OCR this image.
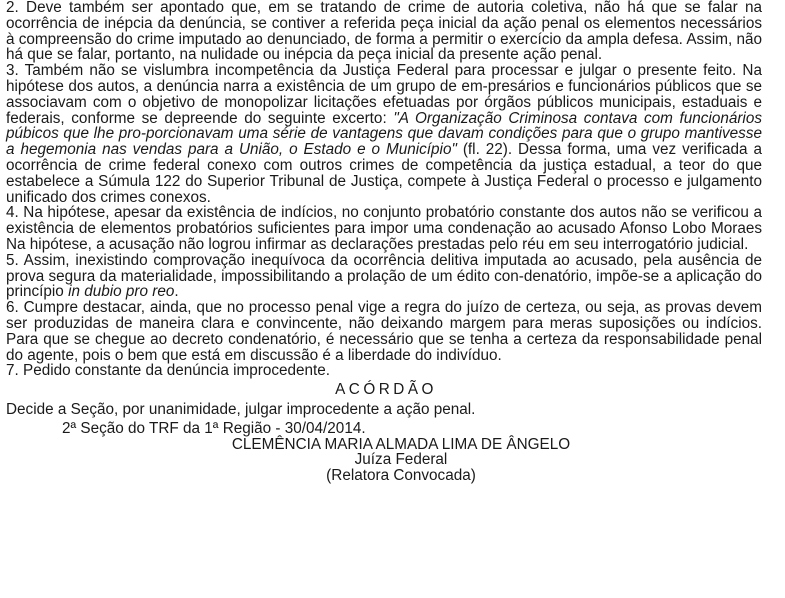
2. Deve também ser apontado que, em se tratando de crime de autoria coletiva, não há que se falar na ocorrência de inépcia da denúncia, se contiver a referida peça inicial da ação penal os elementos necessários à compreensão do crime imputado ao denunciado, de forma a permitir o exercício da ampla defesa. Assim, não há que se falar, portanto, na nulidade ou inépcia da peça inicial da presente ação penal.

3. Também não se vislumbra incompetência da Justiça Federal para processar e julgar o presente feito. Na hipótese dos autos, a denúncia narra a existência de um grupo de em-presários e funcionários públicos que se associavam com o objetivo de monopolizar licitações efetuadas por órgãos públicos municipais, estaduais e federais, conforme se depreende do seguinte excerto: "A Organização Criminosa contava com funcionários púbicos que lhe pro-porcionavam uma série de vantagens que davam condições para que o grupo mantivesse a hegemonia nas vendas para a União, o Estado e o Município" (fl. 22). Dessa forma, uma vez verificada a ocorrência de crime federal conexo com outros crimes de competência da justiça estadual, a teor do que estabelece a Súmula 122 do Superior Tribunal de Justiça, compete à Justiça Federal o processo e julgamento unificado dos crimes conexos.

4. Na hipótese, apesar da existência de indícios, no conjunto probatório constante dos autos não se verificou a existência de elementos probatórios suficientes para impor uma condenação ao acusado Afonso Lobo Moraes Na hipótese, a acusação não logrou infirmar as declarações prestadas pelo réu em seu interrogatório judicial.

5. Assim, inexistindo comprovação inequívoca da ocorrência delitiva imputada ao acusado, pela ausência de prova segura da materialidade, impossibilitando a prolação de um édito con-denatório, impõe-se a aplicação do princípio in dubio pro reo.

6. Cumpre destacar, ainda, que no processo penal vige a regra do juízo de certeza, ou seja, as provas devem ser produzidas de maneira clara e convincente, não deixando margem para meras suposições ou indícios. Para que se chegue ao decreto condenatório, é necessário que se tenha a certeza da responsabilidade penal do agente, pois o bem que está em discussão é a liberdade do indivíduo.

7. Pedido constante da denúncia improcedente.

ACÓRDÃO

Decide a Seção, por unanimidade, julgar improcedente a ação penal.

2ª Seção do TRF da 1ª Região - 30/04/2014.

CLEMÊNCIA MARIA ALMADA LIMA DE ÂNGELO
Juíza Federal
(Relatora Convocada)
